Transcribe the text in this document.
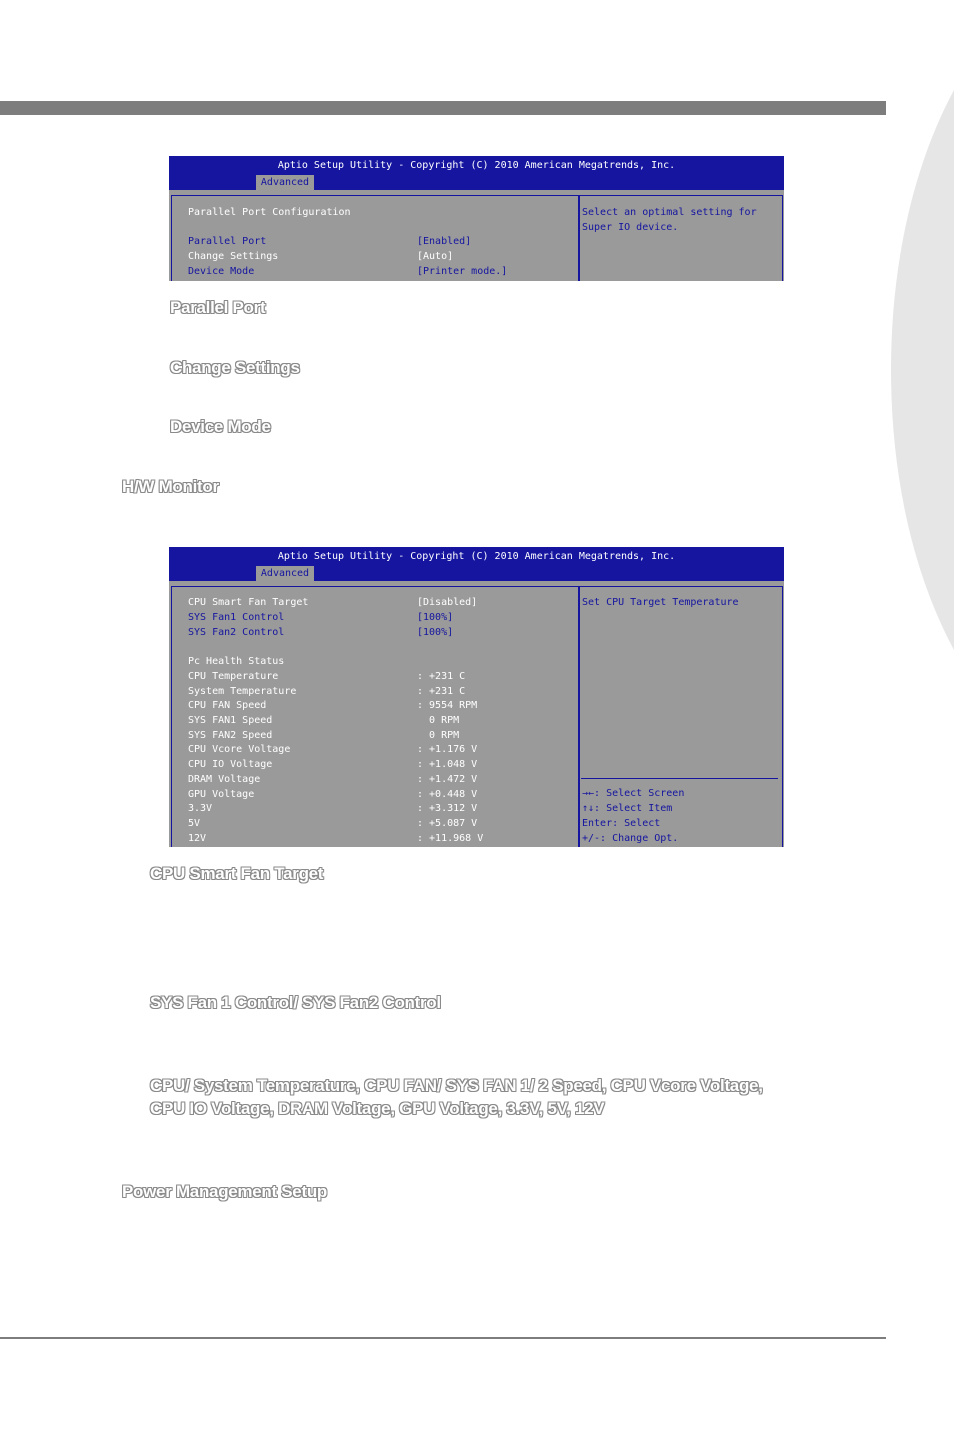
Aptio Setup Utility - Copyright (C) 2010 American Megatrends, Inc.
Advanced
Parallel Port Configuration
Parallel Port	[Enabled]
Change Settings	[Auto]
Device Mode	[Printer mode.]
Select an optimal setting for
Super IO device.
Parallel Port
Change Settings
Device Mode
H/W Monitor
Aptio Setup Utility - Copyright (C) 2010 American Megatrends, Inc.
Advanced
CPU Smart Fan Target	[Disabled]
SYS Fan1 Control	[100%]
SYS Fan2 Control	[100%]
Pc Health Status
CPU Temperature	: +231 C
System Temperature	: +231 C
CPU FAN Speed	: 9554 RPM
SYS FAN1 Speed	0 RPM
SYS FAN2 Speed	0 RPM
CPU Vcore Voltage	: +1.176 V
CPU IO Voltage	: +1.048 V
DRAM Voltage	: +1.472 V
GPU Voltage	: +0.448 V
3.3V	: +3.312 V
5V	: +5.087 V
12V	: +11.968 V
Set CPU Target Temperature
→←: Select Screen
↑↓: Select Item
Enter: Select
+/-: Change Opt.
CPU Smart Fan Target
SYS Fan 1 Control/ SYS Fan2 Control
CPU/ System Temperature, CPU FAN/ SYS FAN 1/ 2 Speed, CPU Vcore Voltage,
CPU IO Voltage, DRAM Voltage, GPU Voltage, 3.3V, 5V, 12V
Power Management Setup
